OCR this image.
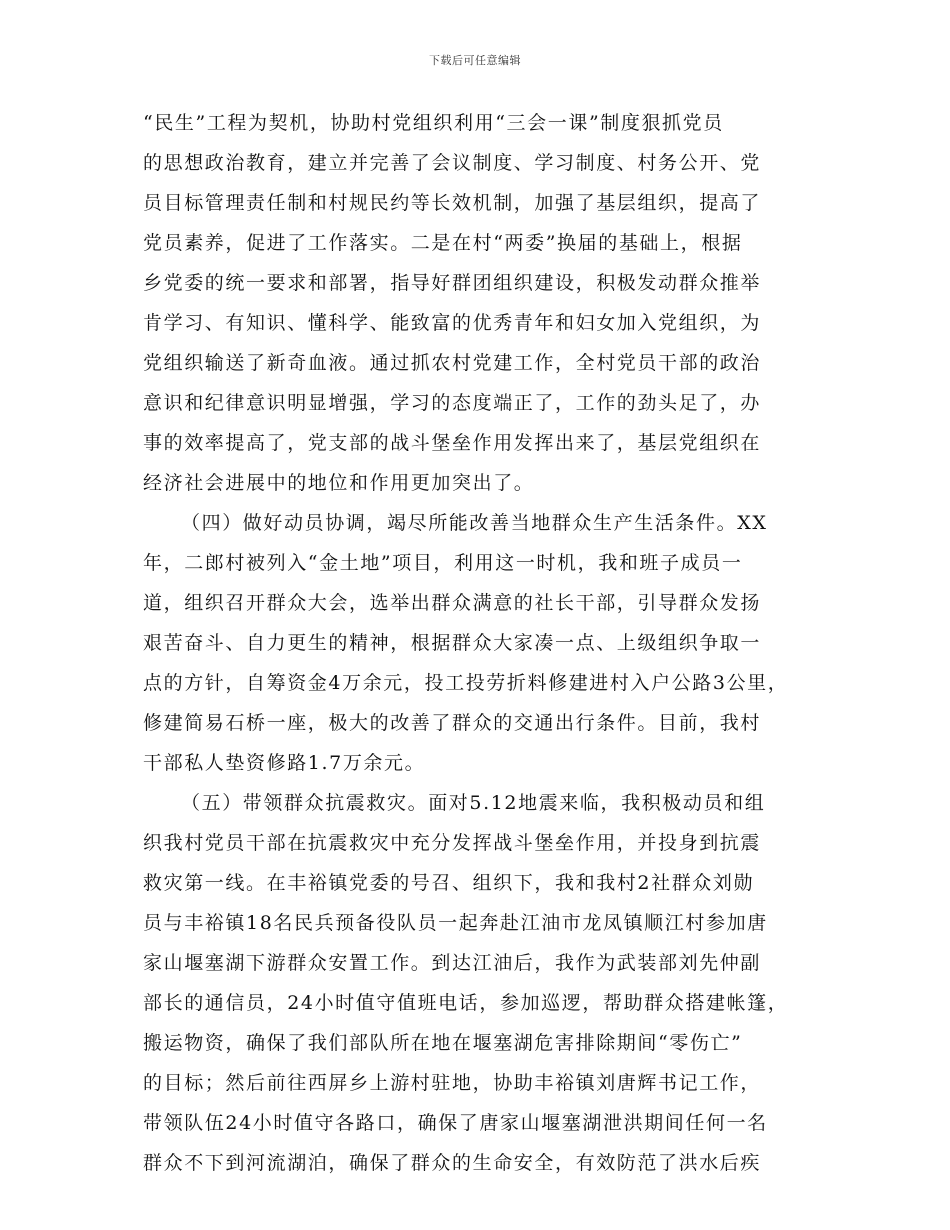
下载后可任意编辑
“民生”工程为契机，协助村党组织利用“三会一课”制度狠抓党员
的思想政治教育，建立并完善了会议制度、学习制度、村务公开、党
员目标管理责任制和村规民约等长效机制，加强了基层组织，提高了
党员素养，促进了工作落实。二是在村“两委”换届的基础上，根据
乡党委的统一要求和部署，指导好群团组织建设，积极发动群众推举
肯学习、有知识、懂科学、能致富的优秀青年和妇女加入党组织，为
党组织输送了新奇血液。通过抓农村党建工作，全村党员干部的政治
意识和纪律意识明显增强，学习的态度端正了，工作的劲头足了，办
事的效率提高了，党支部的战斗堡垒作用发挥出来了，基层党组织在
经济社会进展中的地位和作用更加突出了。
（四）做好动员协调，竭尽所能改善当地群众生产生活条件。XX
年，二郎村被列入“金土地”项目，利用这一时机，我和班子成员一
道，组织召开群众大会，选举出群众满意的社长干部，引导群众发扬
艰苦奋斗、自力更生的精神，根据群众大家凑一点、上级组织争取一
点的方针，自筹资金4万余元，投工投劳折料修建进村入户公路3公里，
修建简易石桥一座，极大的改善了群众的交通出行条件。目前，我村
干部私人垫资修路1.7万余元。
（五）带领群众抗震救灾。面对5.12地震来临，我积极动员和组
织我村党员干部在抗震救灾中充分发挥战斗堡垒作用，并投身到抗震
救灾第一线。在丰裕镇党委的号召、组织下，我和我村2社群众刘勋
员与丰裕镇18名民兵预备役队员一起奔赴江油市龙凤镇顺江村参加唐
家山堰塞湖下游群众安置工作。到达江油后，我作为武装部刘先仲副
部长的通信员，24小时值守值班电话，参加巡逻，帮助群众搭建帐篷，
搬运物资，确保了我们部队所在地在堰塞湖危害排除期间“零伤亡”
的目标；然后前往西屏乡上游村驻地，协助丰裕镇刘唐辉书记工作，
带领队伍24小时值守各路口，确保了唐家山堰塞湖泄洪期间任何一名
群众不下到河流湖泊，确保了群众的生命安全，有效防范了洪水后疾
